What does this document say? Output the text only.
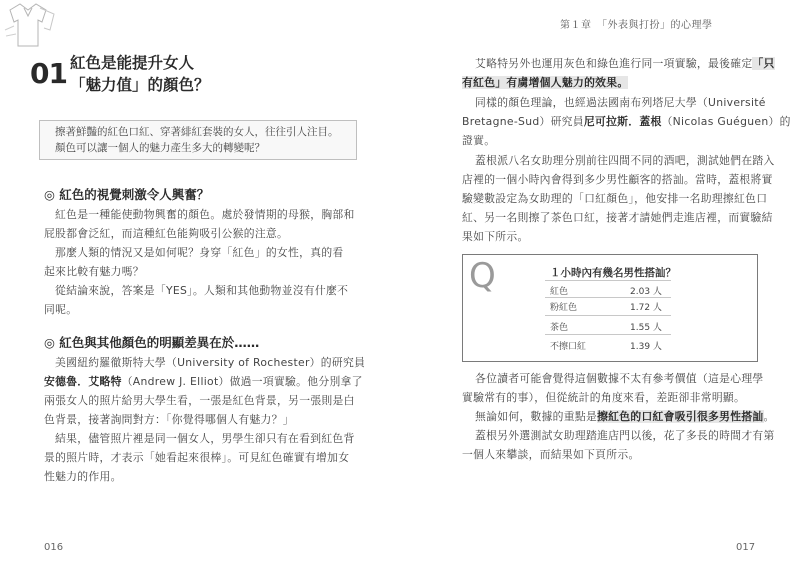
第１章　「外表與打扮」的心理學
01 紅色是能提升女人
「魅力值」的顏色？
擦著鮮豔的紅色口紅、穿著緋紅套裝的女人，往往引人注目。
顏色可以讓一個人的魅力產生多大的轉變呢？
◎ 紅色的視覺刺激令人興奮？
紅色是一種能使動物興奮的顏色。處於發情期的母猴，胸部和
屁股都會泛紅，而這種紅色能夠吸引公猴的注意。
那麼人類的情況又是如何呢？身穿「紅色」的女性，真的看
起來比較有魅力嗎？
從結論來說，答案是「YES」。人類和其他動物並沒有什麼不
同呢。
◎ 紅色與其他顏色的明顯差異在於……
美國紐約羅徹斯特大學（University of Rochester）的研究員
安德魯．艾略特（Andrew J. Elliot）做過一項實驗。他分別拿了
兩張女人的照片給男大學生看，一張是紅色背景，另一張則是白
色背景，接著詢問對方：「你覺得哪個人有魅力？」
結果，儘管照片裡是同一個女人，男學生卻只有在看到紅色背
景的照片時，才表示「她看起來很棒」。可見紅色確實有增加女
性魅力的作用。
016
艾略特另外也運用灰色和綠色進行同一項實驗，最後確定「只
有紅色」有虜增個人魅力的效果。
同樣的顏色理論，也經過法國南布列塔尼大學（Université
Bretagne-Sud）研究員尼可拉斯．蓋根（Nicolas Guéguen）的
證實。
蓋根派八名女助理分別前往四間不同的酒吧，測試她們在踏入
店裡的一個小時內會得到多少男性顧客的搭訕。當時，蓋根將實
驗變數設定為女助理的「口紅顏色」，他安排一名助理擦紅色口
紅、另一名則擦了茶色口紅，接著才請她們走進店裡，而實驗結
果如下所示。
Q	１小時內有幾名男性搭訕？
紅色	2.03 人
粉紅色	1.72 人
茶色	1.55 人
不擦口紅	1.39 人
各位讀者可能會覺得這個數據不太有參考價值（這是心理學
實驗常有的事），但從統計的角度來看，差距卻非常明顯。
無論如何，數據的重點是擦紅色的口紅會吸引很多男性搭訕。
蓋根另外選測試女助理踏進店門以後，花了多長的時間才有第
一個人來攀談，而結果如下頁所示。
017
